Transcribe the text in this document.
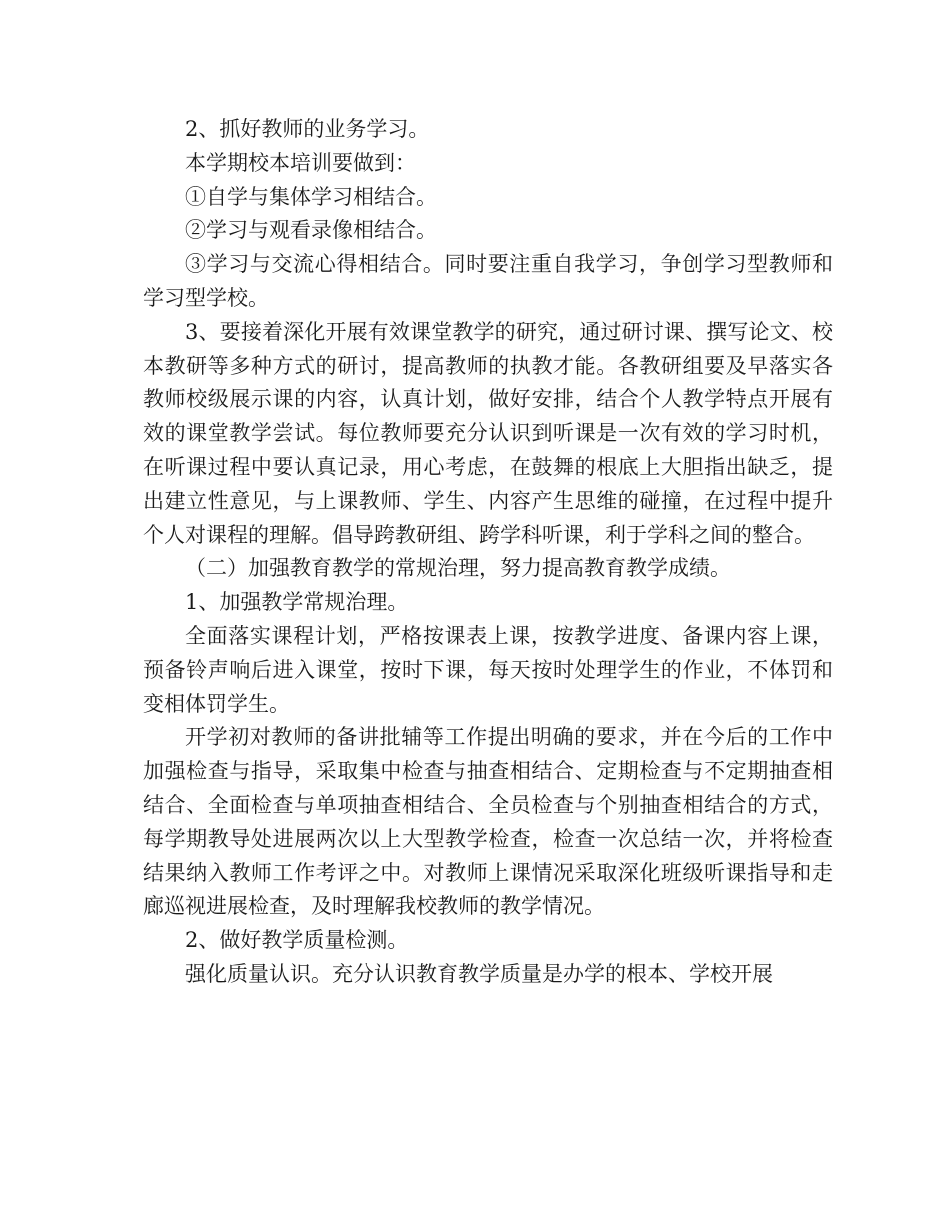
2、抓好教师的业务学习。

本学期校本培训要做到：

①自学与集体学习相结合。

②学习与观看录像相结合。

③学习与交流心得相结合。同时要注重自我学习，争创学习型教师和学习型学校。

3、要接着深化开展有效课堂教学的研究，通过研讨课、撰写论文、校本教研等多种方式的研讨，提高教师的执教才能。各教研组要及早落实各教师校级展示课的内容，认真计划，做好安排，结合个人教学特点开展有效的课堂教学尝试。每位教师要充分认识到听课是一次有效的学习时机，在听课过程中要认真记录，用心考虑，在鼓舞的根底上大胆指出缺乏，提出建立性意见，与上课教师、学生、内容产生思维的碰撞，在过程中提升个人对课程的理解。倡导跨教研组、跨学科听课，利于学科之间的整合。

（二）加强教育教学的常规治理，努力提高教育教学成绩。

1、加强教学常规治理。

全面落实课程计划，严格按课表上课，按教学进度、备课内容上课，预备铃声响后进入课堂，按时下课，每天按时处理学生的作业，不体罚和变相体罚学生。

开学初对教师的备讲批辅等工作提出明确的要求，并在今后的工作中加强检查与指导，采取集中检查与抽查相结合、定期检查与不定期抽查相结合、全面检查与单项抽查相结合、全员检查与个别抽查相结合的方式，每学期教导处进展两次以上大型教学检查，检查一次总结一次，并将检查结果纳入教师工作考评之中。对教师上课情况采取深化班级听课指导和走廊巡视进展检查，及时理解我校教师的教学情况。

2、做好教学质量检测。

强化质量认识。充分认识教育教学质量是办学的根本、学校开展
